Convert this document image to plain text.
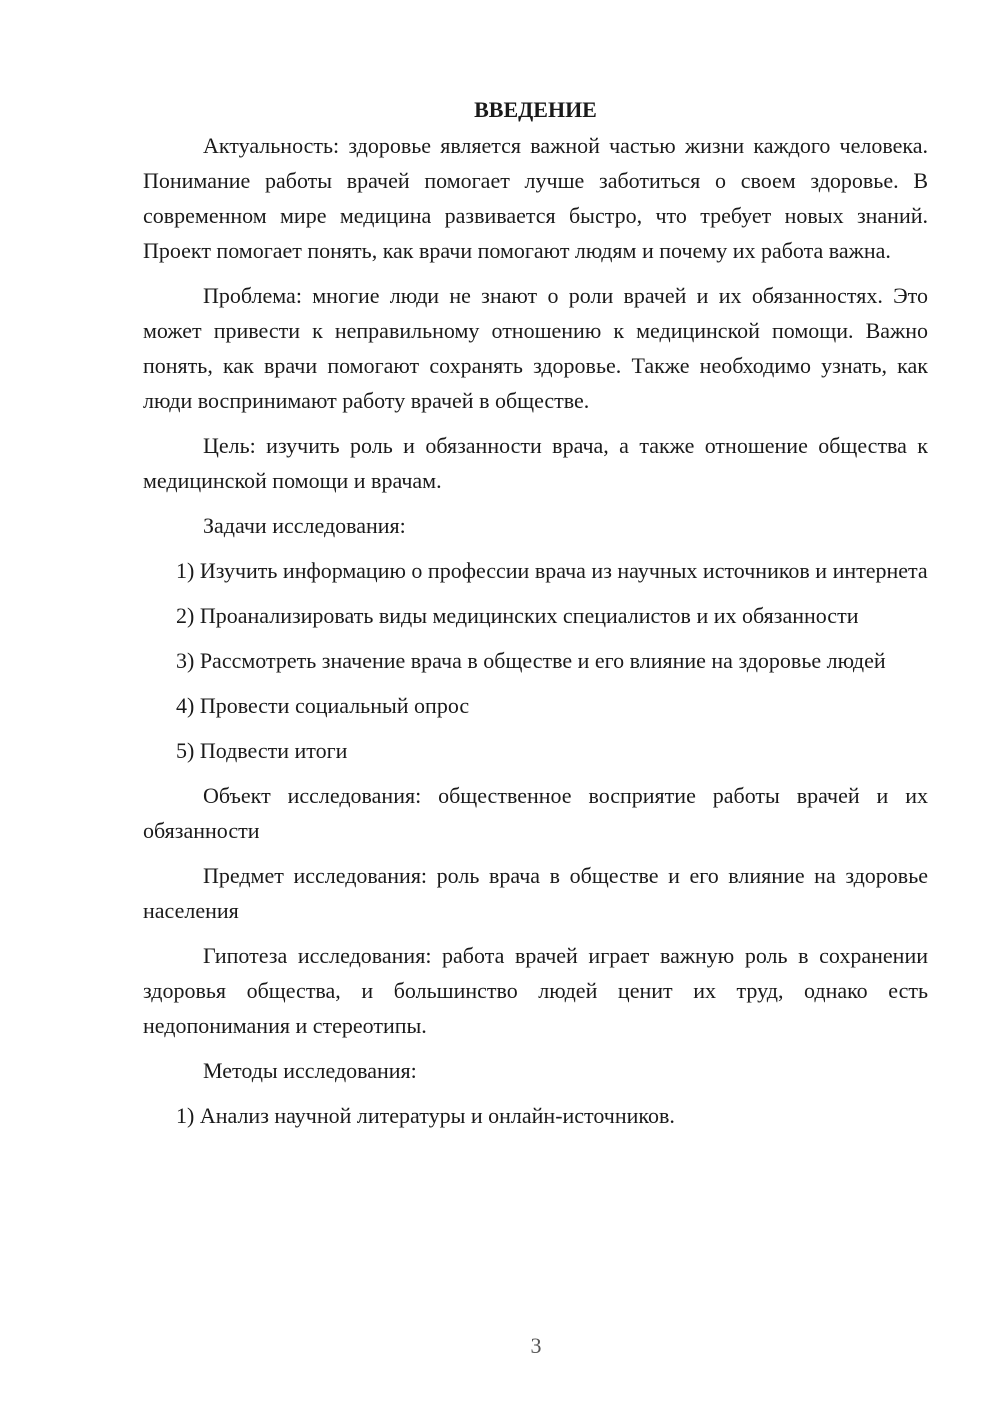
ВВЕДЕНИЕ

Актуальность: здоровье является важной частью жизни каждого человека. Понимание работы врачей помогает лучше заботиться о своем здоровье. В современном мире медицина развивается быстро, что требует новых знаний. Проект помогает понять, как врачи помогают людям и почему их работа важна.

Проблема: многие люди не знают о роли врачей и их обязанностях. Это может привести к неправильному отношению к медицинской помощи. Важно понять, как врачи помогают сохранять здоровье. Также необходимо узнать, как люди воспринимают работу врачей в обществе.

Цель: изучить роль и обязанности врача, а также отношение общества к медицинской помощи и врачам.

Задачи исследования:

1) Изучить информацию о профессии врача из научных источников и интернета

2) Проанализировать виды медицинских специалистов и их обязанности

3) Рассмотреть значение врача в обществе и его влияние на здоровье людей

4) Провести социальный опрос

5) Подвести итоги

Объект исследования: общественное восприятие работы врачей и их обязанности

Предмет исследования: роль врача в обществе и его влияние на здоровье населения

Гипотеза исследования: работа врачей играет важную роль в сохранении здоровья общества, и большинство людей ценит их труд, однако есть недопонимания и стереотипы.

Методы исследования:

1) Анализ научной литературы и онлайн-источников.

3
